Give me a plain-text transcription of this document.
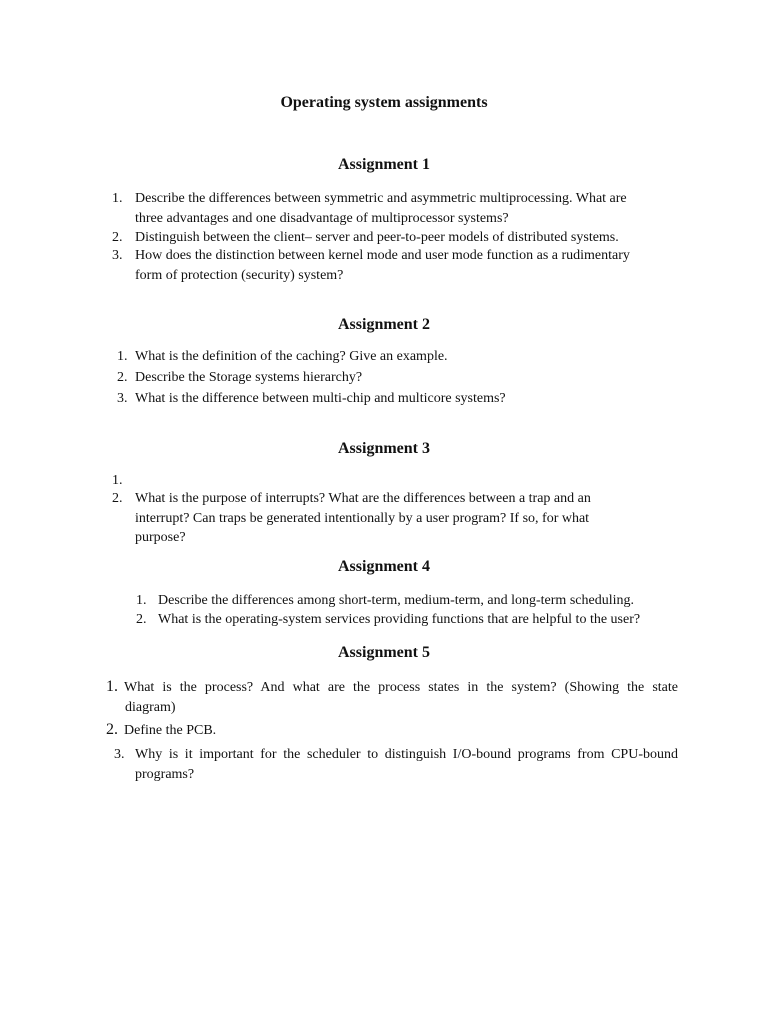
Operating system assignments
Assignment 1
1. Describe the differences between symmetric and asymmetric multiprocessing. What are
three advantages and one disadvantage of multiprocessor systems?
2. Distinguish between the client– server and peer-to-peer models of distributed systems.
3. How does the distinction between kernel mode and user mode function as a rudimentary
form of protection (security) system?
Assignment 2
1. What is the definition of the caching? Give an example.
2. Describe the Storage systems hierarchy?
3. What is the difference between multi-chip and multicore systems?
Assignment 3
1.
2. What is the purpose of interrupts? What are the differences between a trap and an
interrupt? Can traps be generated intentionally by a user program? If so, for what
purpose?
Assignment 4
1. Describe the differences among short-term, medium-term, and long-term scheduling.
2. What is the operating-system services providing functions that are helpful to the user?
Assignment 5
1. What is the process? And what are the process states in the system? (Showing the state
diagram)
2. Define the PCB.
3. Why is it important for the scheduler to distinguish I/O-bound programs from CPU-bound
programs?
